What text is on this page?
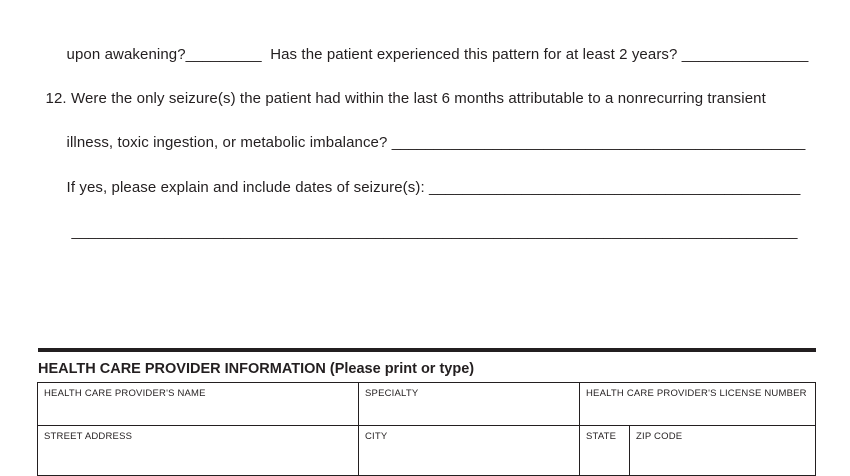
upon awakening?_________ Has the patient experienced this pattern for at least 2 years? _______________

12. Were the only seizure(s) the patient had within the last 6 months attributable to a nonrecurring transient

illness, toxic ingestion, or metabolic imbalance? _________________________________________________

If yes, please explain and include dates of seizure(s): ____________________________________________

______________________________________________________________________________________

HEALTH CARE PROVIDER INFORMATION (Please print or type)
HEALTH CARE PROVIDER'S NAME	SPECIALTY	HEALTH CARE PROVIDER'S LICENSE NUMBER	
STREET ADDRESS	CITY	STATE	ZIP CODE
